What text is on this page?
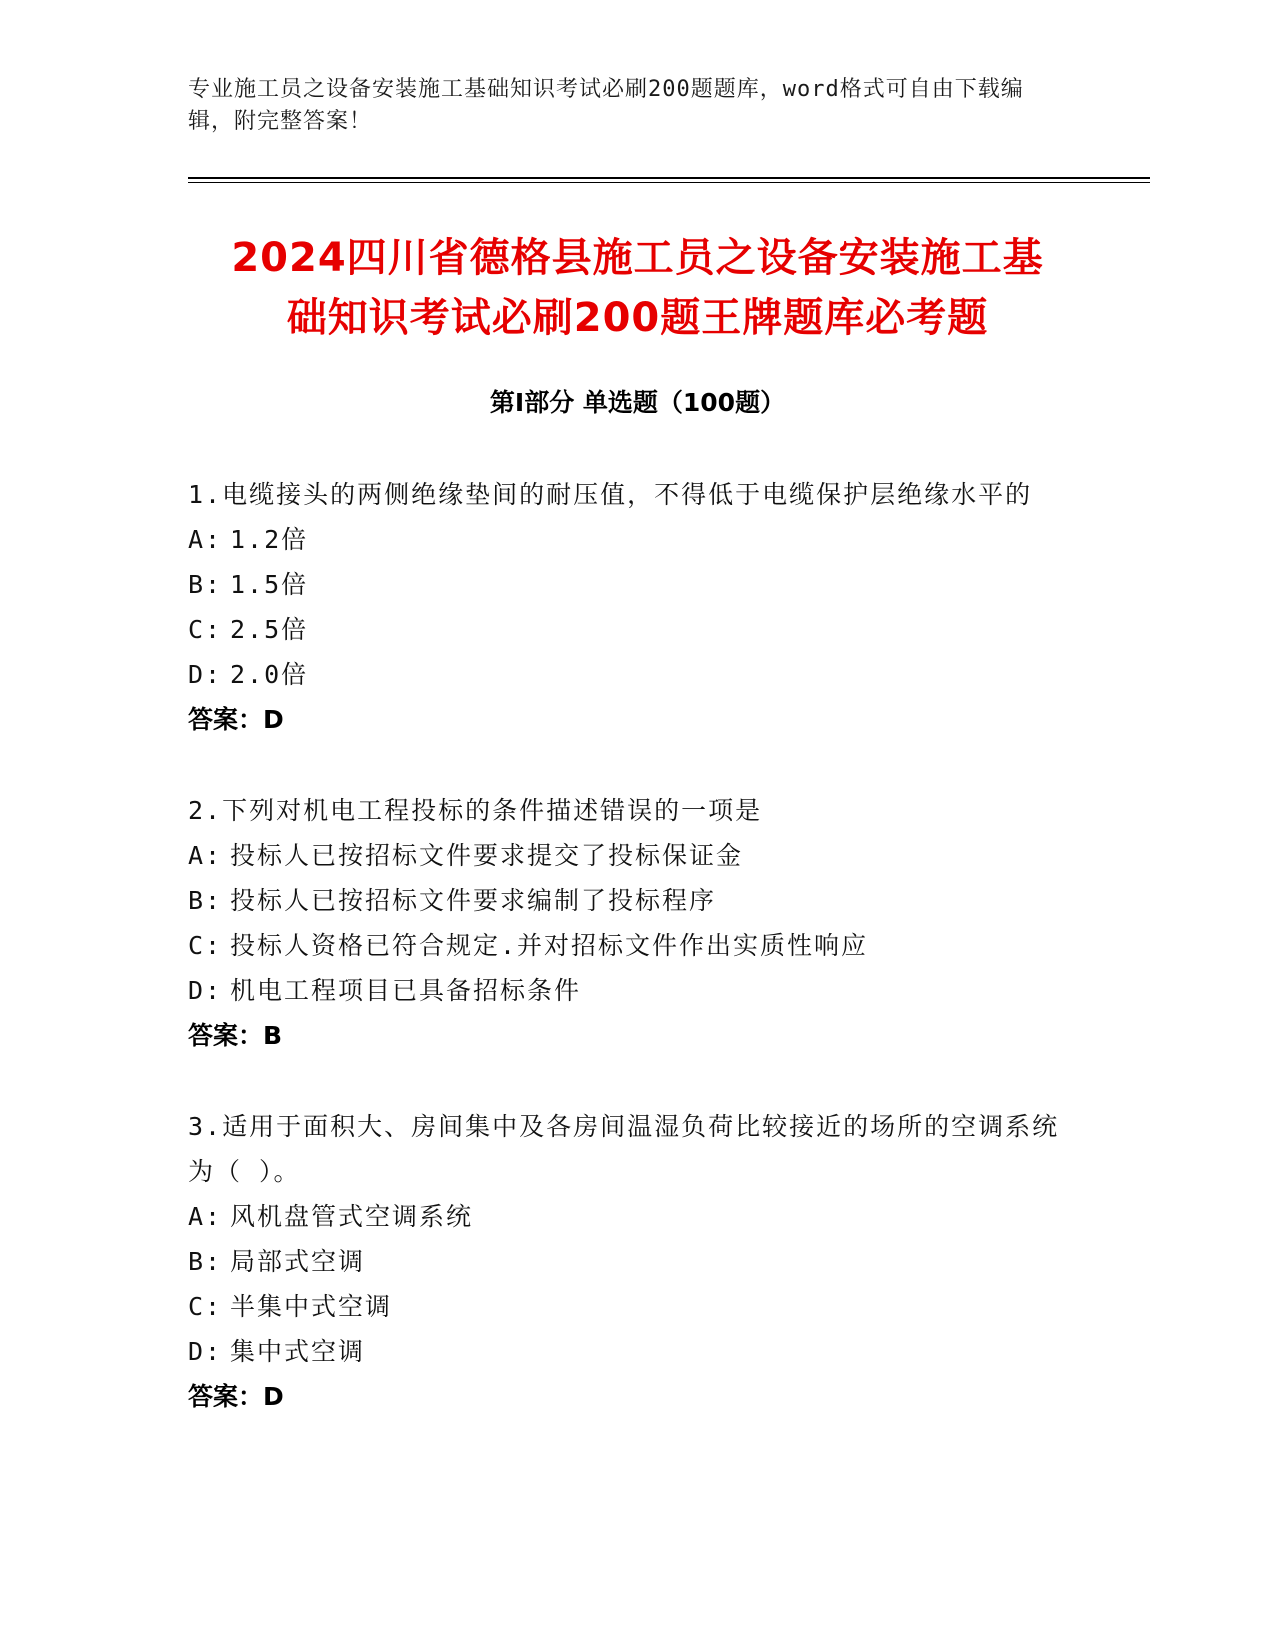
专业施工员之设备安装施工基础知识考试必刷200题题库，word格式可自由下载编辑，附完整答案！
2024四川省德格县施工员之设备安装施工基
础知识考试必刷200题王牌题库必考题
第Ⅰ部分 单选题（100题）
1.电缆接头的两侧绝缘垫间的耐压值，不得低于电缆保护层绝缘水平的
A: 1.2倍
B: 1.5倍
C: 2.5倍
D: 2.0倍
答案：D
2.下列对机电工程投标的条件描述错误的一项是
A: 投标人已按招标文件要求提交了投标保证金
B: 投标人已按招标文件要求编制了投标程序
C: 投标人资格已符合规定.并对招标文件作出实质性响应
D: 机电工程项目已具备招标条件
答案：B
3.适用于面积大、房间集中及各房间温湿负荷比较接近的场所的空调系统为（ ）。
A: 风机盘管式空调系统
B: 局部式空调
C: 半集中式空调
D: 集中式空调
答案：D
